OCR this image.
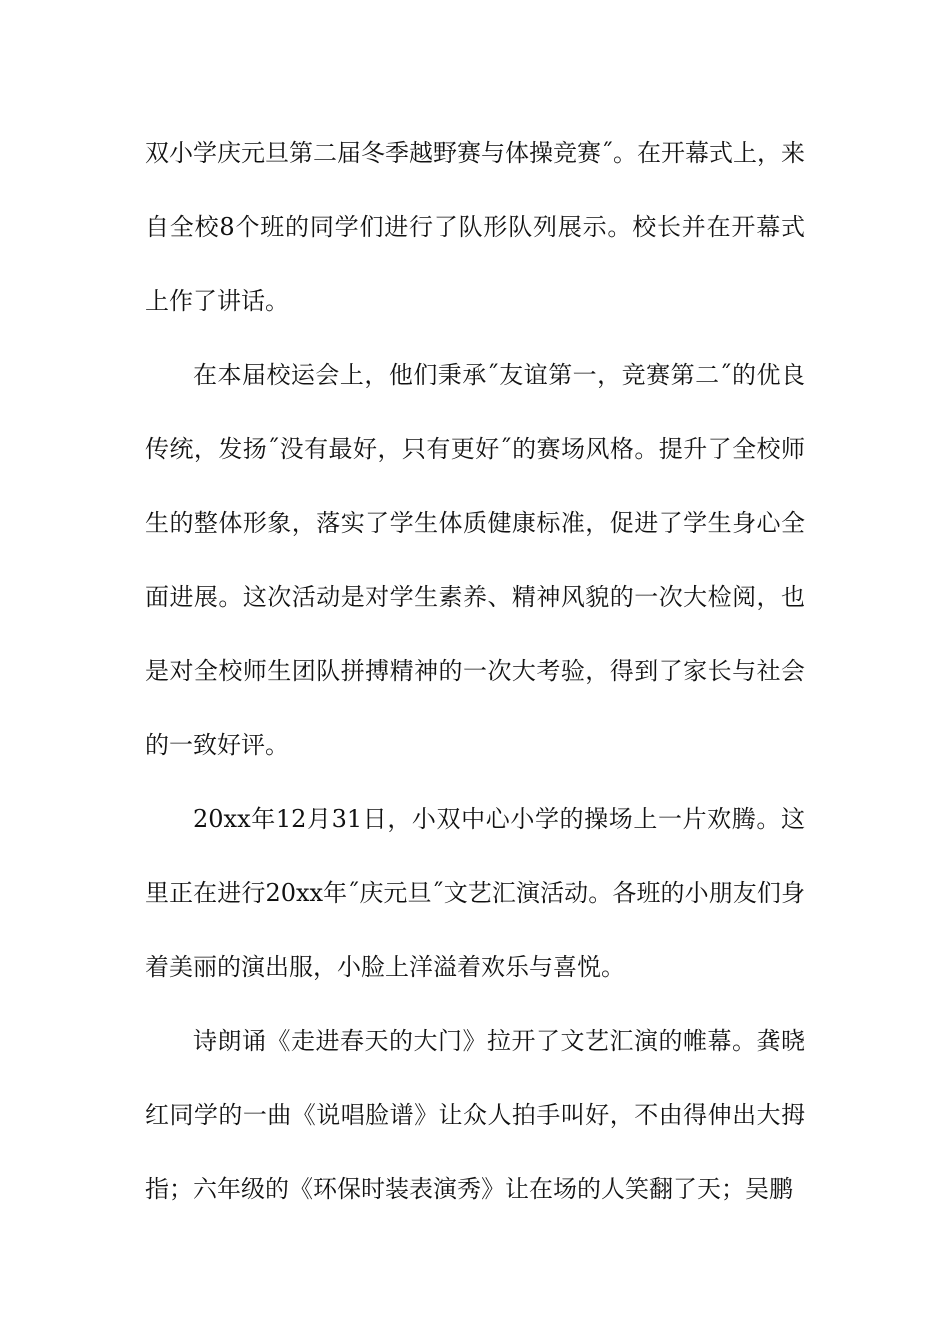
双小学庆元旦第二届冬季越野赛与体操竞赛˝。在开幕式上，来自全校8个班的同学们进行了队形队列展示。校长并在开幕式上作了讲话。

在本届校运会上，他们秉承˝友谊第一，竞赛第二˝的优良传统，发扬˝没有最好，只有更好˝的赛场风格。提升了全校师生的整体形象，落实了学生体质健康标准，促进了学生身心全面进展。这次活动是对学生素养、精神风貌的一次大检阅，也是对全校师生团队拼搏精神的一次大考验，得到了家长与社会的一致好评。

20xx年12月31日，小双中心小学的操场上一片欢腾。这里正在进行20xx年˝庆元旦˝文艺汇演活动。各班的小朋友们身着美丽的演出服，小脸上洋溢着欢乐与喜悦。

诗朗诵《走进春天的大门》拉开了文艺汇演的帷幕。龚晓红同学的一曲《说唱脸谱》让众人拍手叫好，不由得伸出大拇指；六年级的《环保时装表演秀》让在场的人笑翻了天；吴鹏
